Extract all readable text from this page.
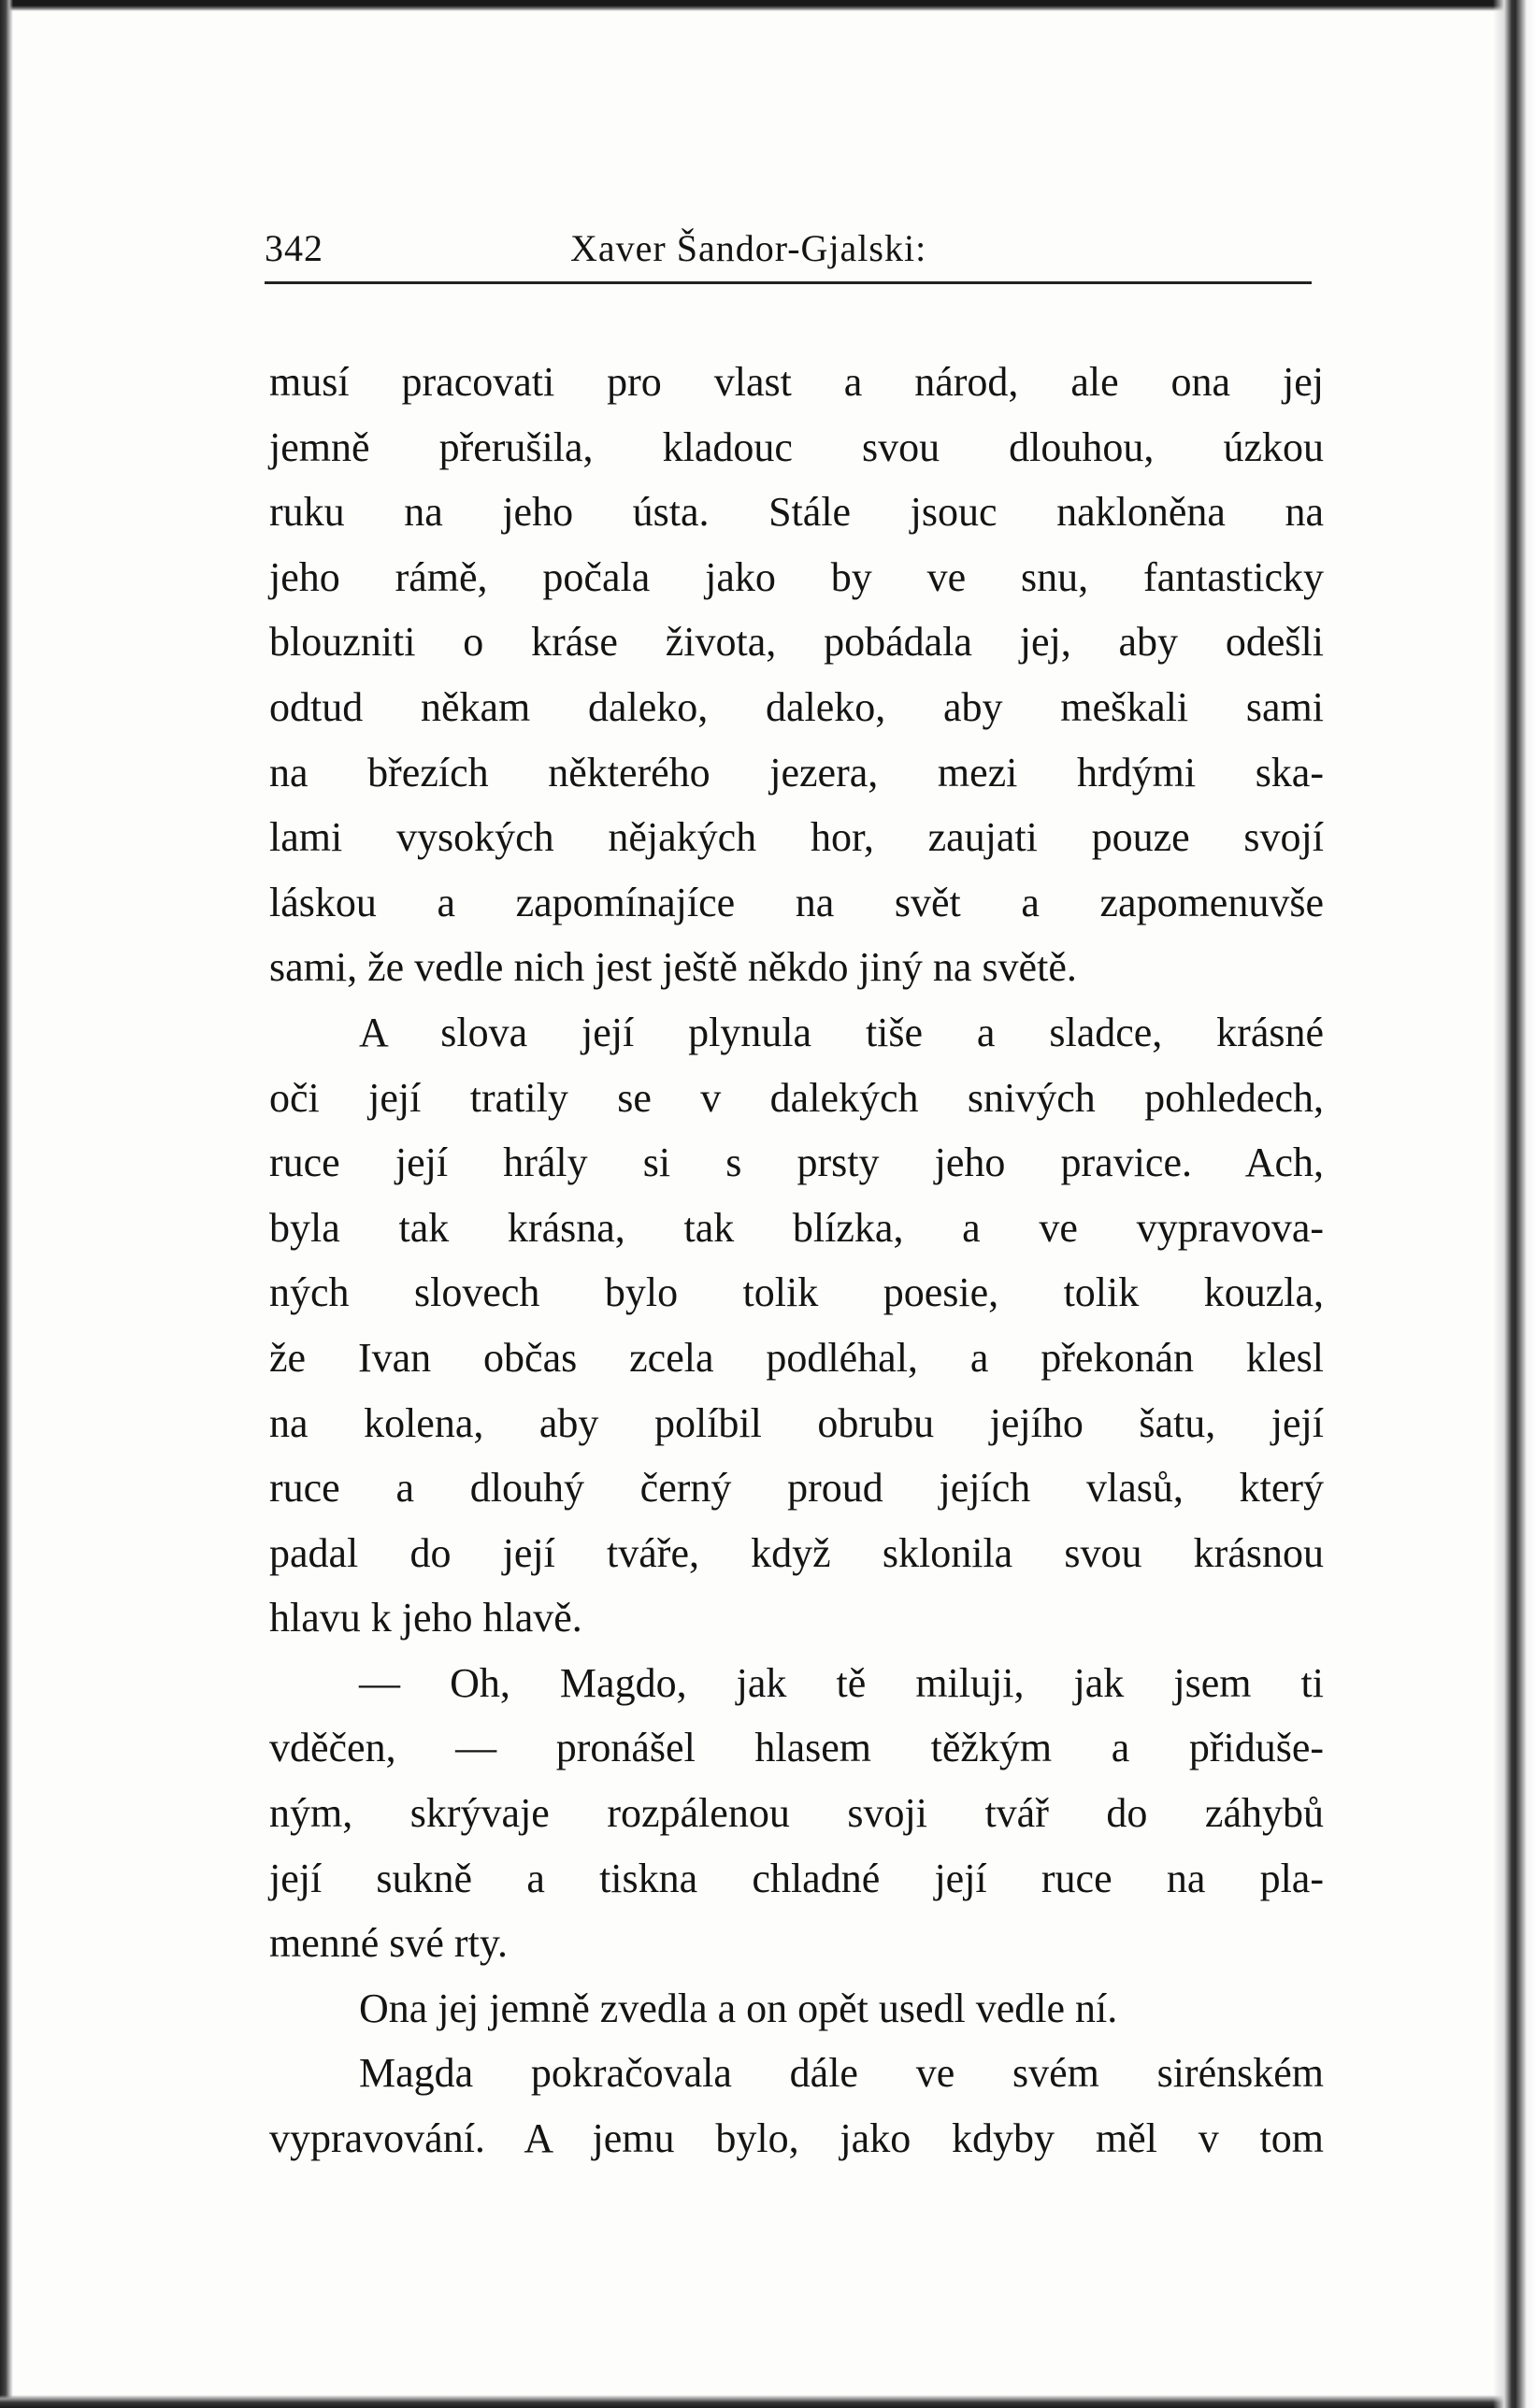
342	Xaver Šandor-Gjalski:
musí pracovati pro vlast a národ, ale ona jej
jemně přerušila, kladouc svou dlouhou, úzkou
ruku na jeho ústa. Stále jsouc nakloněna na
jeho rámě, počala jako by ve snu, fantasticky
blouzniti o kráse života, pobádala jej, aby odešli
odtud někam daleko, daleko, aby meškali sami
na březích některého jezera, mezi hrdými ska-
lami vysokých nějakých hor, zaujati pouze svojí
láskou a zapomínajíce na svět a zapomenuvše
sami, že vedle nich jest ještě někdo jiný na světě.
A slova její plynula tiše a sladce, krásné
oči její tratily se v dalekých snivých pohledech,
ruce její hrály si s prsty jeho pravice. Ach,
byla tak krásna, tak blízka, a ve vypravova-
ných slovech bylo tolik poesie, tolik kouzla,
že Ivan občas zcela podléhal, a překonán klesl
na kolena, aby políbil obrubu jejího šatu, její
ruce a dlouhý černý proud jejích vlasů, který
padal do její tváře, když sklonila svou krásnou
hlavu k jeho hlavě.
— Oh, Magdo, jak tě miluji, jak jsem ti
vděčen, — pronášel hlasem těžkým a přiduše-
ným, skrývaje rozpálenou svoji tvář do záhybů
její sukně a tiskna chladné její ruce na pla-
menné své rty.
Ona jej jemně zvedla a on opět usedl vedle ní.
Magda pokračovala dále ve svém sirénském
vypravování. A jemu bylo, jako kdyby měl v tom
